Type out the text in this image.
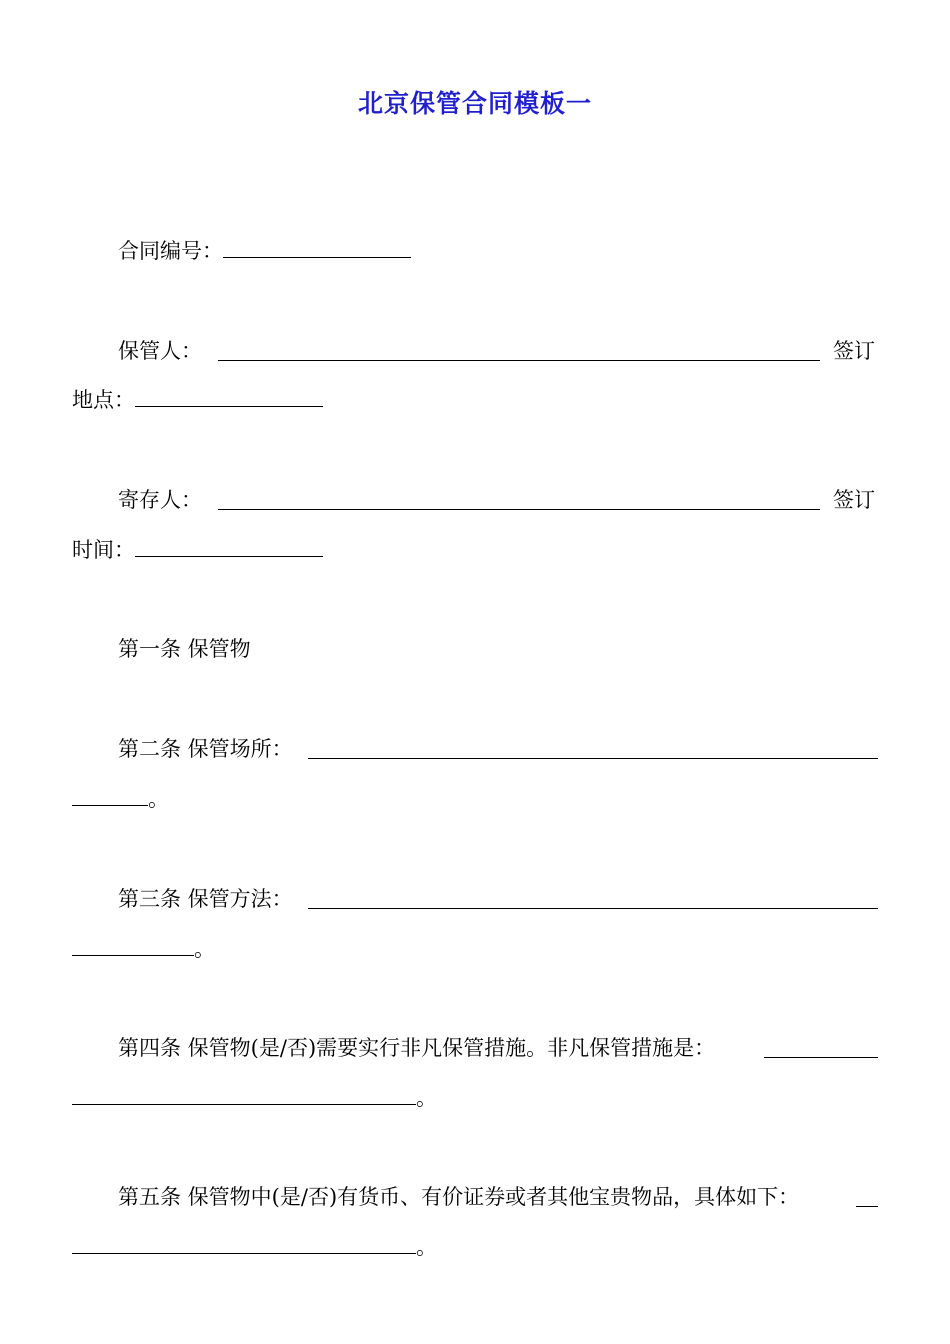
北京保管合同模板一
合同编号：
保管人：	签订
地点：
寄存人：	签订
时间：
第一条 保管物
第二条 保管场所：
。
第三条 保管方法：
。
第四条 保管物(是/否)需要实行非凡保管措施。非凡保管措施是：
。
第五条 保管物中(是/否)有货币、有价证券或者其他宝贵物品，具体如下：
。
